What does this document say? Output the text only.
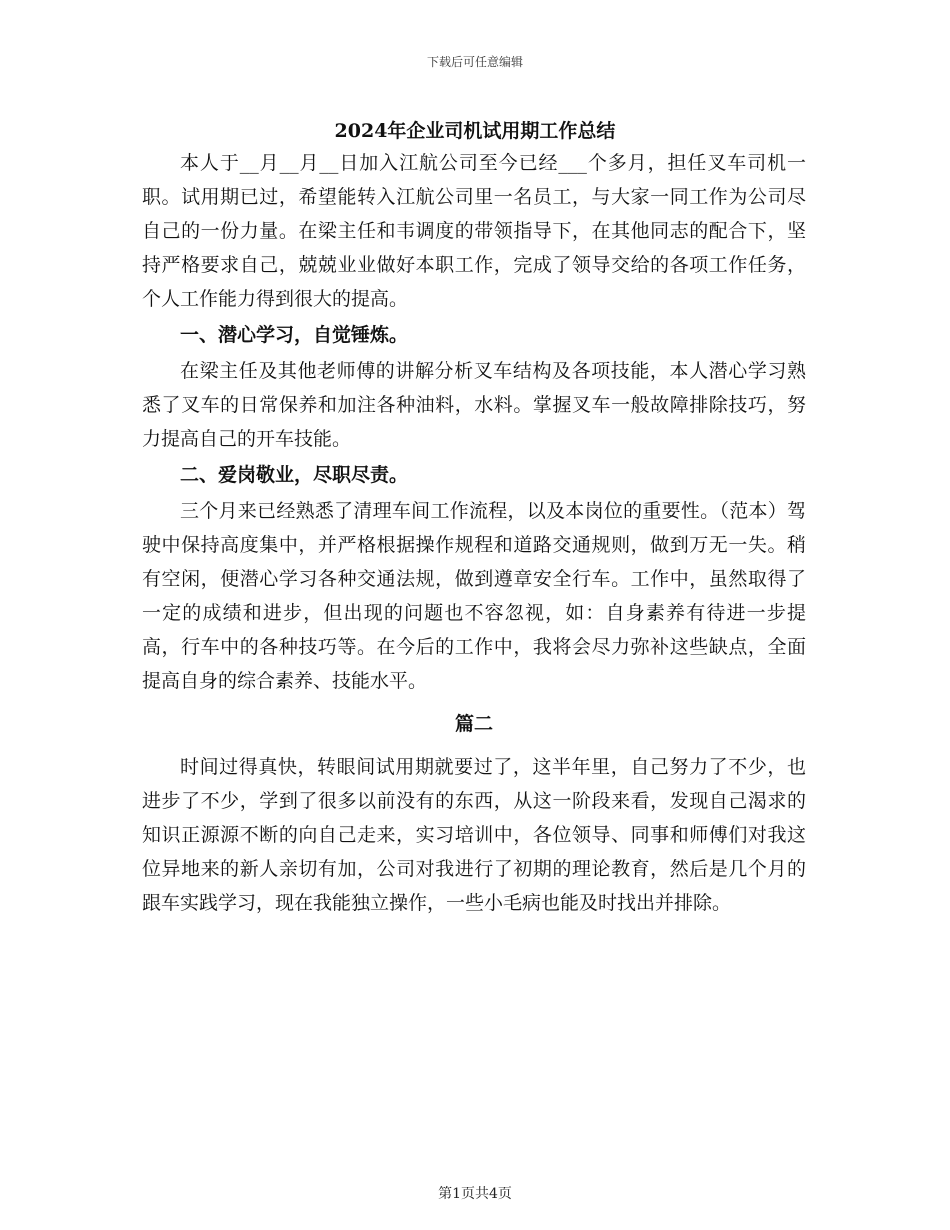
下载后可任意编辑
2024年企业司机试用期工作总结

本人于__月__月__日加入江航公司至今已经___个多月，担任叉车司机一职。试用期已过，希望能转入江航公司里一名员工，与大家一同工作为公司尽自己的一份力量。在梁主任和韦调度的带领指导下，在其他同志的配合下，坚持严格要求自己，兢兢业业做好本职工作，完成了领导交给的各项工作任务，个人工作能力得到很大的提高。

一、潜心学习，自觉锤炼。

在梁主任及其他老师傅的讲解分析叉车结构及各项技能，本人潜心学习熟悉了叉车的日常保养和加注各种油料，水料。掌握叉车一般故障排除技巧，努力提高自己的开车技能。

二、爱岗敬业，尽职尽责。

三个月来已经熟悉了清理车间工作流程，以及本岗位的重要性。（范本）驾驶中保持高度集中，并严格根据操作规程和道路交通规则，做到万无一失。稍有空闲，便潜心学习各种交通法规，做到遵章安全行车。工作中，虽然取得了一定的成绩和进步，但出现的问题也不容忽视，如：自身素养有待进一步提高，行车中的各种技巧等。在今后的工作中，我将会尽力弥补这些缺点，全面提高自身的综合素养、技能水平。

篇二

时间过得真快，转眼间试用期就要过了，这半年里，自己努力了不少，也进步了不少，学到了很多以前没有的东西，从这一阶段来看，发现自己渴求的知识正源源不断的向自己走来，实习培训中，各位领导、同事和师傅们对我这位异地来的新人亲切有加，公司对我进行了初期的理论教育，然后是几个月的跟车实践学习，现在我能独立操作，一些小毛病也能及时找出并排除。

第1页共4页
